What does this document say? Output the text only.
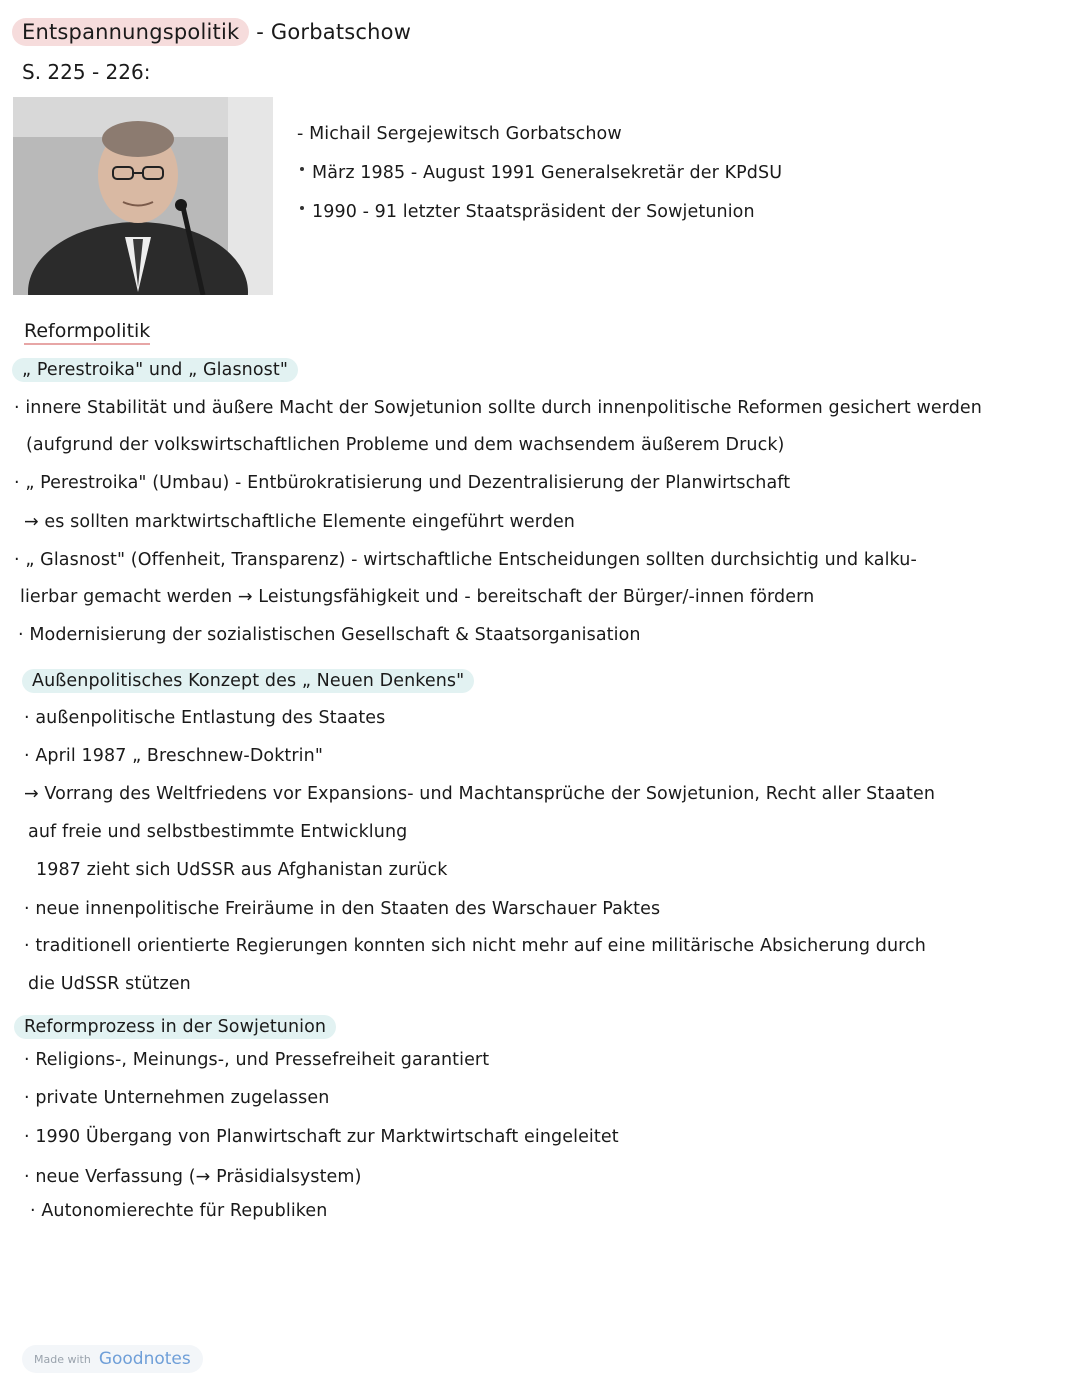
Entspannungspolitik - Gorbatschow
S. 225 - 226:
- Michail Sergejewitsch Gorbatschow
März 1985 - August 1991 Generalsekretär der KPdSU
1990 - 91 letzter Staatspräsident der Sowjetunion
Reformpolitik
„ Perestroika" und „ Glasnost"
· innere Stabilität und äußere Macht der Sowjetunion sollte durch innenpolitische Reformen gesichert werden
(aufgrund der volkswirtschaftlichen Probleme und dem wachsendem äußerem Druck)
· „ Perestroika" (Umbau) - Entbürokratisierung und Dezentralisierung der Planwirtschaft
→ es sollten marktwirtschaftliche Elemente eingeführt werden
· „ Glasnost" (Offenheit, Transparenz) - wirtschaftliche Entscheidungen sollten durchsichtig und kalku-
lierbar gemacht werden → Leistungsfähigkeit und - bereitschaft der Bürger/-innen fördern
· Modernisierung der sozialistischen Gesellschaft & Staatsorganisation
Außenpolitisches Konzept des „ Neuen Denkens"
· außenpolitische Entlastung des Staates
· April 1987 „ Breschnew-Doktrin"
→ Vorrang des Weltfriedens vor Expansions- und Machtansprüche der Sowjetunion, Recht aller Staaten
auf freie und selbstbestimmte Entwicklung
1987 zieht sich UdSSR aus Afghanistan zurück
· neue innenpolitische Freiräume in den Staaten des Warschauer Paktes
· traditionell orientierte Regierungen konnten sich nicht mehr auf eine militärische Absicherung durch
die UdSSR stützen
Reformprozess in der Sowjetunion
· Religions-, Meinungs-, und Pressefreiheit garantiert
· private Unternehmen zugelassen
· 1990 Übergang von Planwirtschaft zur Marktwirtschaft eingeleitet
· neue Verfassung (→ Präsidialsystem)
· Autonomierechte für Republiken
Made with Goodnotes
